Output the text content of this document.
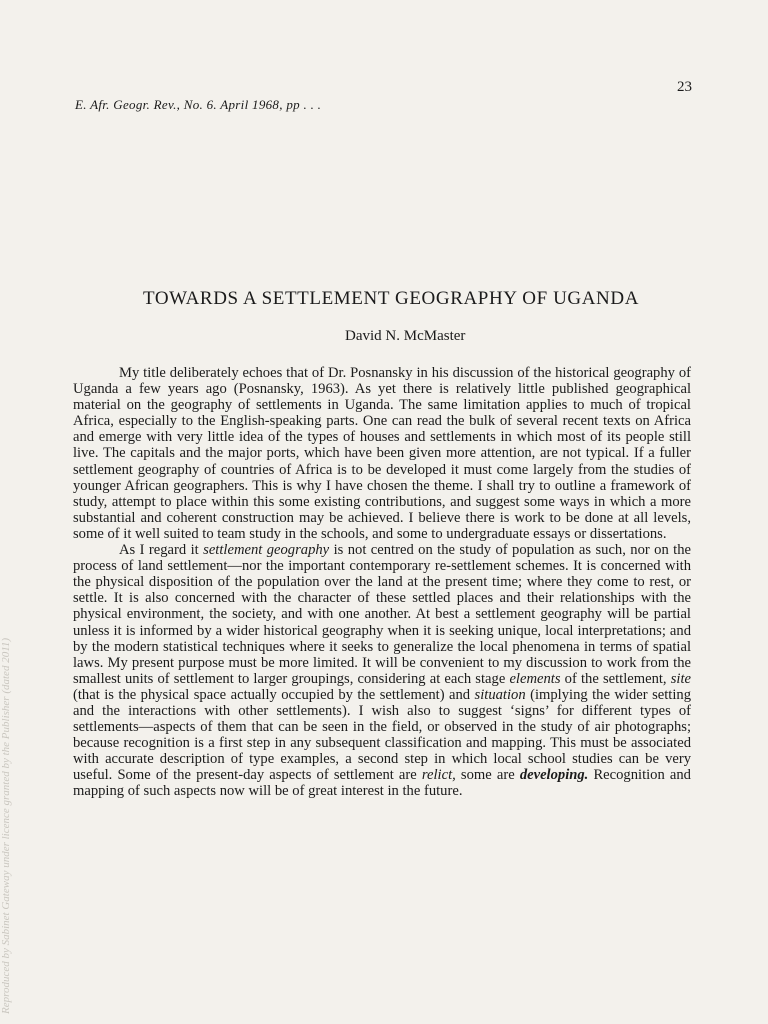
23
E. Afr. Geogr. Rev., No. 6. April 1968, pp . . .
TOWARDS A SETTLEMENT GEOGRAPHY OF UGANDA
David N. McMaster

My title deliberately echoes that of Dr. Posnansky in his discussion of the historical geography of Uganda a few years ago (Posnansky, 1963). As yet there is relatively little published geographical material on the geography of settlements in Uganda. The same limitation applies to much of tropical Africa, especially to the English-speaking parts. One can read the bulk of several recent texts on Africa and emerge with very little idea of the types of houses and settlements in which most of its people still live. The capitals and the major ports, which have been given more attention, are not typical. If a fuller settlement geography of countries of Africa is to be developed it must come largely from the studies of younger African geographers. This is why I have chosen the theme. I shall try to outline a framework of study, attempt to place within this some existing contributions, and suggest some ways in which a more substantial and coherent construction may be achieved. I believe there is work to be done at all levels, some of it well suited to team study in the schools, and some to undergraduate essays or dissertations.

As I regard it settlement geography is not centred on the study of population as such, nor on the process of land settlement—nor the important contemporary re-settlement schemes. It is concerned with the physical disposition of the population over the land at the present time; where they come to rest, or settle. It is also concerned with the character of these settled places and their relationships with the physical environment, the society, and with one another. At best a settlement geography will be partial unless it is informed by a wider historical geography when it is seeking unique, local interpretations; and by the modern statistical techniques where it seeks to generalize the local phenomena in terms of spatial laws. My present purpose must be more limited. It will be convenient to my discussion to work from the smallest units of settlement to larger groupings, considering at each stage elements of the settlement, site (that is the physical space actually occupied by the settlement) and situation (implying the wider setting and the interactions with other settlements). I wish also to suggest ‘signs’ for different types of settlements—aspects of them that can be seen in the field, or observed in the study of air photographs; because recognition is a first step in any subsequent classification and mapping. This must be associated with accurate description of type examples, a second step in which local school studies can be very useful. Some of the present-day aspects of settlement are relict, some are developing. Recognition and mapping of such aspects now will be of great interest in the future.

Reproduced by Sabinet Gateway under licence granted by the Publisher (dated 2011)
